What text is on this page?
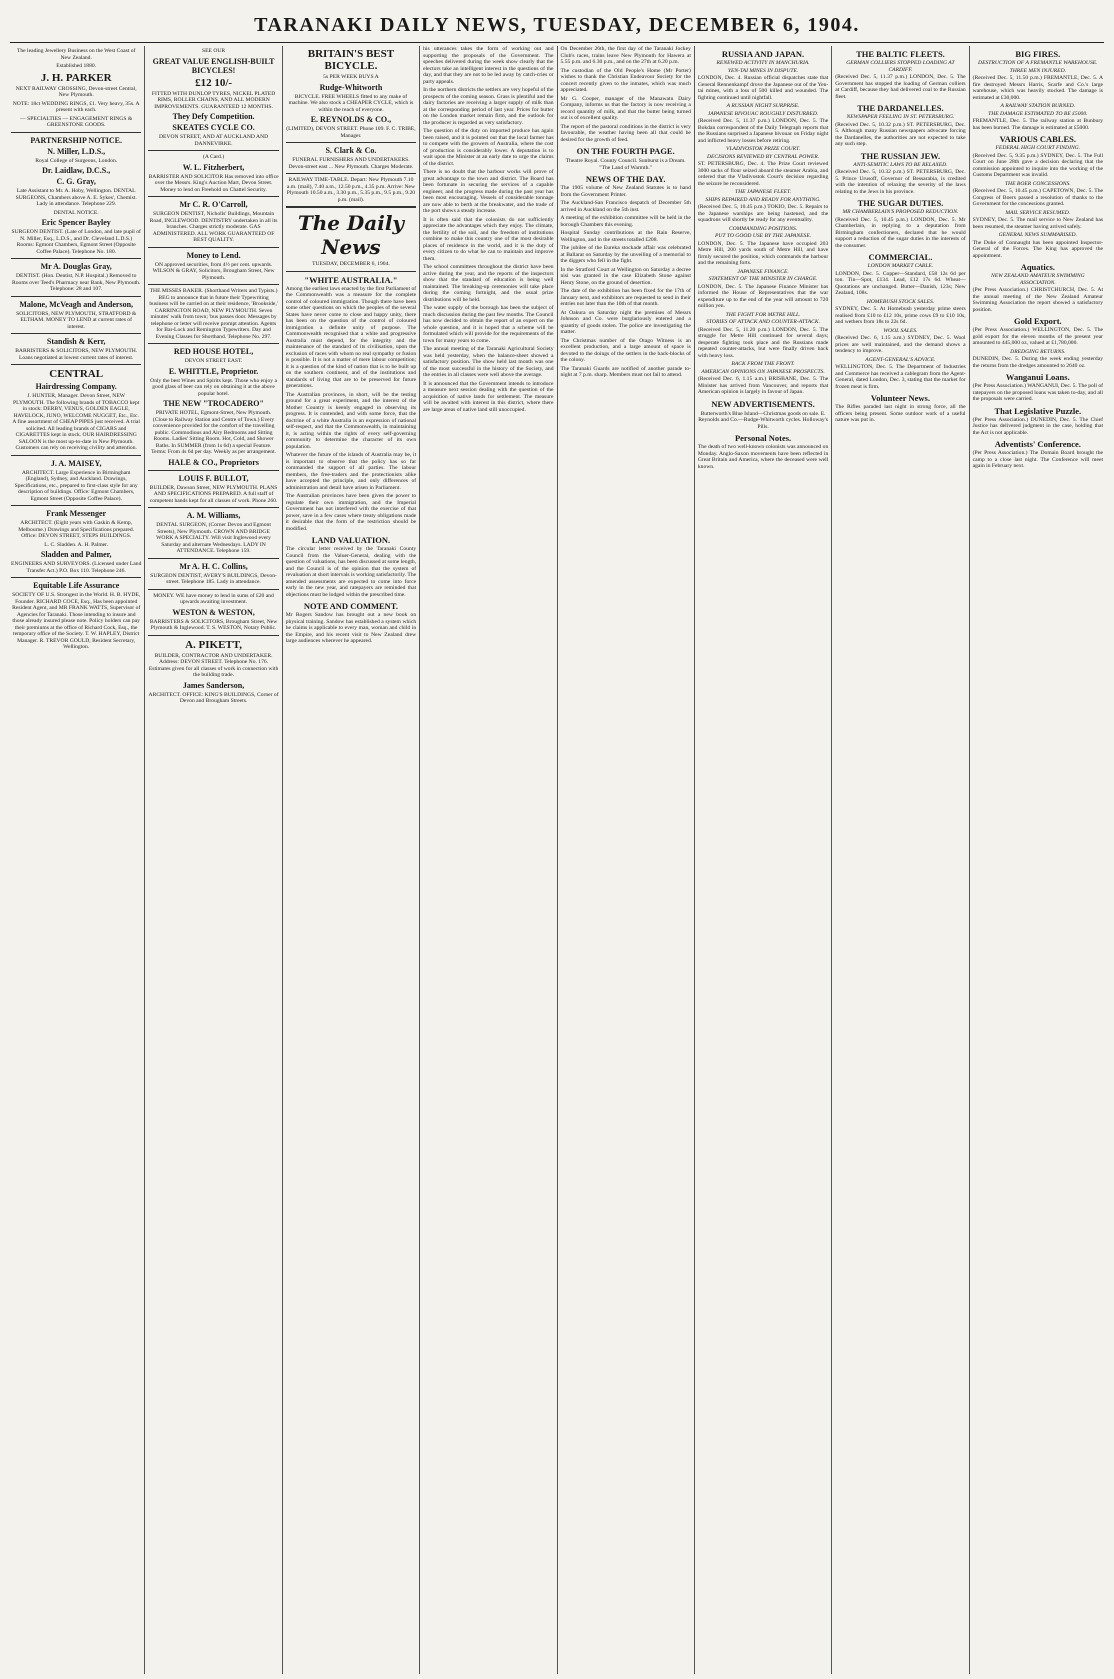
TARANAKI DAILY NEWS, TUESDAY, DECEMBER 6, 1904.
The leading Jewellery Business on the West Coast of New Zealand.
Established 1880.
J. H. PARKER
NEXT RAILWAY CROSSING, Devon-street Central, New Plymouth.
NOTE: 18ct WEDDING RINGS, £1. Very heavy, 35s. A present with each.
— SPECIALTIES — ENGAGEMENT RINGS & GREENSTONE GOODS.
PARTNERSHIP NOTICE.
N. Miller, L.D.S.,
Royal College of Surgeons, London.
Dr. Laidlaw, D.C.S.,
C. G. Gray,
Late Assistant to Mr. A. Hoby, Wellington. DENTAL SURGEONS, Chambers above A. E. Sykes', Chemist. Lady in attendance. Telephone 229.
DENTAL NOTICE.
Eric Spencer Bayley
SURGEON DENTIST. (Late of London, and late pupil of N. Miller, Esq., L.D.S., and Dr. Cleveland L.D.S.) Rooms: Egmont Chambers, Egmont Street (Opposite Coffee Palace). Telephone No. 180.
Mr A. Douglas Gray,
DENTIST. (Hon. Dentist, N.P. Hospital.) Removed to Rooms over Teed's Pharmacy near Bank, New Plymouth. Telephone: 28 and 107.
Malone, McVeagh and Anderson,
SOLICITORS, NEW PLYMOUTH, STRATFORD & ELTHAM. MONEY TO LEND at current rates of interest.
Standish & Kerr,
BARRISTERS & SOLICITORS, NEW PLYMOUTH. Loans negotiated at lowest current rates of interest.
CENTRAL
Hairdressing Company.
J. HUNTER, Manager. Devon Street, NEW PLYMOUTH. The following brands of TOBACCO kept in stock: DERBY, VENUS, GOLDEN EAGLE, HAVELOCK, JUNO, WELCOME NUGGET, Etc., Etc. A fine assortment of CHEAP PIPES just received. A trial solicited. All leading brands of CIGARS and CIGARETTES kept in stock. OUR HAIRDRESSING SALOON is the most up-to-date in New Plymouth. Customers can rely on receiving civility and attention.
J. A. MAISEY,
ARCHITECT. Large Experience in Birmingham (England), Sydney, and Auckland. Drawings, Specifications, etc., prepared to first-class style for any description of buildings. Office: Egmont Chambers, Egmont Street (Opposite Coffee Palace).
Frank Messenger
ARCHITECT. (Eight years with Gaskin & Kemp, Melbourne.) Drawings and Specifications prepared. Office: DEVON STREET, STEPS BUILDINGS.
L. C. Sladden. A. H. Palmer.
Sladden and Palmer,
ENGINEERS AND SURVEYORS. (Licensed under Land Transfer Act.) P.O. Box 110. Telephone 246.
Equitable Life Assurance
SOCIETY OF U.S. Strongest in the World. H. B. HYDE, Founder. RICHARD COCE, Esq., Has been appointed Resident Agent, and MR FRANK WATTS, Supervisor of Agencies for Taranaki. Those intending to insure and those already insured please note. Policy holders can pay their premiums at the office of Richard Cock, Esq., the temporary office of the Society. T. W. HAPLEY, District Manager. R. TREVOR GOULD, Resident Secretary, Wellington.
SEE OUR
GREAT VALUE ENGLISH-BUILT BICYCLES!
£12 10/-
FITTED WITH DUNLOP TYRES, NICKEL PLATED RIMS, ROLLER CHAINS, AND ALL MODERN IMPROVEMENTS. GUARANTEED 12 MONTHS.
They Defy Competition.
SKEATES CYCLE CO.
DEVON STREET, AND AT AUCKLAND AND DANNEVIRKE.
(A Card.)
W. L. Fitzherbert,
BARRISTER AND SOLICITOR Has removed into office over the Messrs. King's Auction Mart, Devon Street. Money to lend on Freehold on Chattel Security.
Mr C. R. O'Carroll,
SURGEON DENTIST, Nicholls' Buildings, Mountain Road, INGLEWOOD. DENTISTRY undertaken in all its branches. Charges strictly moderate. GAS ADMINISTERED. ALL WORK GUARANTEED OF BEST QUALITY.
Money to Lend.
ON approved securities, from 4½ per cent. upwards. WILSON & GRAY, Solicitors, Brougham Street, New Plymouth.
THE MISSES BAKER. (Shorthand Writers and Typists.) BEG to announce that in future their Typewriting business will be carried on at their residence, 'Brookside,' CARRINGTON ROAD, NEW PLYMOUTH. Seven minutes' walk from town; 'bus passes door. Messages by telephone or letter will receive prompt attention. Agents for Bar-Lock and Remington Typewriters. Day and Evening Classes for Shorthand. Telephone No. 297.
RED HOUSE HOTEL,
DEVON STREET EAST.
E. WHITTLE, Proprietor.
Only the best Wines and Spirits kept. Those who enjoy a good glass of beer can rely on obtaining it at the above popular hotel.
THE NEW "TROCADERO"
PRIVATE HOTEL, Egmont-Street, New Plymouth. (Close to Railway Station and Centre of Town.) Every convenience provided for the comfort of the travelling public. Commodious and Airy Bedrooms and Sitting Rooms. Ladies' Sitting Room. Hot, Cold, and Shower Baths. In SUMMER (from 1s 6d) a special Feature. Terms: From 4s 6d per day. Weekly as per arrangement.
HALE & CO., Proprietors
LOUIS F. BULLOT,
BUILDER, Dawson Street, NEW PLYMOUTH. PLANS AND SPECIFICATIONS PREPARED. A full staff of competent hands kept for all classes of work. Phone 260.
A. M. Williams,
DENTAL SURGEON, (Corner Devon and Egmont Streets), New Plymouth. CROWN AND BRIDGE WORK A SPECIALTY. Will visit Inglewood every Saturday and alternate Wednesdays. LADY IN ATTENDANCE. Telephone 159.
Mr A. H. C. Collins,
SURGEON DENTIST, AVERY'S BUILDINGS, Devon-street. Telephone 185. Lady in attendance.
MONEY. WE have money to lend in sums of £20 and upwards awaiting investment.
WESTON & WESTON,
BARRISTERS & SOLICITORS, Brougham Street, New Plymouth & Inglewood. T. S. WESTON, Notary Public.
A. PIKETT,
BUILDER, CONTRACTOR AND UNDERTAKER. Address: DEVON STREET. Telephone No. 176. Estimates given for all classes of work in connection with the building trade.
James Sanderson,
ARCHITECT. OFFICE: KING'S BUILDINGS, Corner of Devon and Brougham Streets.
BRITAIN'S BEST BICYCLE.
5s PER WEEK BUYS A
Rudge-Whitworth
BICYCLE. FREE WHEELS fitted to any make of machine. We also stock a CHEAPER CYCLE, which is within the reach of everyone.
E. REYNOLDS & CO.,
(LIMITED), DEVON STREET. Phone 109. F. C. TRIBE, Manager.
S. Clark & Co.
FUNERAL FURNISHERS AND UNDERTAKERS. Devon-street east ... New Plymouth. Charges Moderate.
RAILWAY TIME-TABLE. Depart: New Plymouth 7.10 a.m. (mail), 7.40 a.m., 12.50 p.m., 4.35 p.m. Arrive: New Plymouth 10.50 a.m., 3.30 p.m., 5.35 p.m., 9.5 p.m., 9.20 p.m. (mail).
The Daily News
TUESDAY, DECEMBER 6, 1904.
"WHITE AUSTRALIA."
Among the earliest laws enacted by the first Parliament of the Commonwealth was a measure for the complete control of coloured immigration. Though there have been some other questions on which the peoples of the several States have never come to close and happy unity, there has been on the question of the control of coloured immigration a definite unity of purpose. The Commonwealth recognised that a white and progressive Australia must depend, for the integrity and the maintenance of the standard of its civilisation, upon the exclusion of races with whom no real sympathy or fusion is possible. It is not a matter of mere labour competition; it is a question of the kind of nation that is to be built up on the southern continent, and of the institutions and standards of living that are to be preserved for future generations.
The Australian provinces, in short, will be the testing ground for a great experiment, and the interest of the Mother Country is keenly engaged in observing its progress. It is contended, and with some force, that the doctrine of a white Australia is an expression of national self-respect, and that the Commonwealth, in maintaining it, is acting within the rights of every self-governing community to determine the character of its own population.
Whatever the future of the islands of Australia may be, it is important to observe that the policy has so far commanded the support of all parties. The labour members, the free-traders and the protectionists alike have accepted the principle, and only differences of administration and detail have arisen in Parliament.
The Australian provinces have been given the power to regulate their own immigration, and the Imperial Government has not interfered with the exercise of that power, save in a few cases where treaty obligations made it desirable that the form of the restriction should be modified.
LAND VALUATION.
The circular letter received by the Taranaki County Council from the Valuer-General, dealing with the question of valuations, has been discussed at some length, and the Council is of the opinion that the system of revaluation at short intervals is working satisfactorily. The amended assessments are expected to come into force early in the new year, and ratepayers are reminded that objections must be lodged within the prescribed time.
NOTE AND COMMENT.
Mr Rogers Sandow has brought out a new book on physical training. Sandow has established a system which he claims is applicable to every man, woman and child in the Empire, and his recent visit to New Zealand drew large audiences wherever he appeared.
his utterances takes the form of working out and supporting the proposals of the Government. The speeches delivered during the week show clearly that the electors take an intelligent interest in the questions of the day, and that they are not to be led away by catch-cries or party appeals.
In the northern districts the settlers are very hopeful of the prospects of the coming season. Grass is plentiful and the dairy factories are receiving a larger supply of milk than at the corresponding period of last year. Prices for butter on the London market remain firm, and the outlook for the producer is regarded as very satisfactory.
The question of the duty on imported produce has again been raised, and it is pointed out that the local farmer has to compete with the growers of Australia, where the cost of production is considerably lower. A deputation is to wait upon the Minister at an early date to urge the claims of the district.
There is no doubt that the harbour works will prove of great advantage to the town and district. The Board has been fortunate in securing the services of a capable engineer, and the progress made during the past year has been most encouraging. Vessels of considerable tonnage are now able to berth at the breakwater, and the trade of the port shows a steady increase.
It is often said that the colonists do not sufficiently appreciate the advantages which they enjoy. The climate, the fertility of the soil, and the freedom of institutions combine to make this country one of the most desirable places of residence in the world, and it is the duty of every citizen to do what he can to maintain and improve them.
The school committees throughout the district have been active during the year, and the reports of the inspectors show that the standard of education is being well maintained. The breaking-up ceremonies will take place during the coming fortnight, and the usual prize distributions will be held.
The water supply of the borough has been the subject of much discussion during the past few months. The Council has now decided to obtain the report of an expert on the whole question, and it is hoped that a scheme will be formulated which will provide for the requirements of the town for many years to come.
The annual meeting of the Taranaki Agricultural Society was held yesterday, when the balance-sheet showed a satisfactory position. The show held last month was one of the most successful in the history of the Society, and the entries in all classes were well above the average.
It is announced that the Government intends to introduce a measure next session dealing with the question of the acquisition of native lands for settlement. The measure will be awaited with interest in this district, where there are large areas of native land still unoccupied.
On December 26th, the first day of the Taranaki Jockey Club's races, trains leave New Plymouth for Hawera at 5.55 p.m. and 6.30 p.m., and on the 27th at 6.20 p.m.
The custodian of the Old People's Home (Mr Porter) wishes to thank the Christian Endeavour Society for the concert recently given to the inmates, which was much appreciated.
Mr G. Cooper, manager of the Manawatu Dairy Company, informs us that the factory is now receiving a record quantity of milk, and that the butter being turned out is of excellent quality.
The report of the pastoral conditions in the district is very favourable, the weather having been all that could be desired for the growth of feed.
ON THE FOURTH PAGE.
Theatre Royal. County Council. Sunburst is a Dream. "The Land of Warmth."
NEWS OF THE DAY.
The 1905 volume of New Zealand Statutes is to hand from the Government Printer.
The Auckland-San Francisco despatch of December 5th arrived in Auckland on the 5th inst.
A meeting of the exhibition committee will be held in the borough Chambers this evening.
Hospital Sunday contributions at the Rain Reserve, Wellington, and in the streets totalled £208.
The jubilee of the Eureka stockade affair was celebrated at Ballarat on Saturday by the unveiling of a memorial to the diggers who fell in the fight.
In the Stratford Court at Wellington on Saturday a decree nisi was granted in the case Elizabeth Stone against Henry Stone, on the ground of desertion.
The date of the exhibition has been fixed for the 17th of January next, and exhibitors are requested to send in their entries not later than the 10th of that month.
At Oakura on Saturday night the premises of Messrs Johnson and Co. were burglariously entered and a quantity of goods stolen. The police are investigating the matter.
The Christmas number of the Otago Witness is an excellent production, and a large amount of space is devoted to the doings of the settlers in the back-blocks of the colony.
The Taranaki Guards are notified of another parade to-night at 7 p.m. sharp. Members must not fail to attend.
RUSSIA AND JAPAN.
RENEWED ACTIVITY IN MANCHURIA.
YEN-TAI MINES IN DISPUTE.
LONDON, Dec. 4. Russian official dispatches state that General Rennenkampf drove the Japanese out of the Yen-tai mines, with a loss of 500 killed and wounded. The fighting continued until nightfall.
A RUSSIAN NIGHT SURPRISE.
JAPANESE BIVOUAC ROUGHLY DISTURBED.
(Received Dec. 5, 11.37 p.m.) LONDON, Dec. 5. The Bokdan correspondent of the Daily Telegraph reports that the Russians surprised a Japanese bivouac on Friday night and inflicted heavy losses before retiring.
VLADIVOSTOK PRIZE COURT.
DECISIONS REVIEWED BY CENTRAL POWER.
ST. PETERSBURG, Dec. 4. The Prize Court reviewed 3000 sacks of flour seized aboard the steamer Arabia, and ordered that the Vladivostok Court's decision regarding the seizure be reconsidered.
THE JAPANESE FLEET.
SHIPS REPAIRED AND READY FOR ANYTHING.
(Received Dec. 5, 10.45 p.m.) TOKIO, Dec. 5. Repairs to the Japanese warships are being hastened, and the squadrons will shortly be ready for any eventuality.
COMMANDING POSITIONS.
PUT TO GOOD USE BY THE JAPANESE.
LONDON, Dec. 5. The Japanese have occupied 203 Metre Hill, 200 yards south of Metre Hill, and have firmly secured the position, which commands the harbour and the remaining forts.
JAPANESE FINANCE.
STATEMENT OF THE MINISTER IN CHARGE.
LONDON, Dec. 5. The Japanese Finance Minister has informed the House of Representatives that the war expenditure up to the end of the year will amount to 720 million yen.
THE FIGHT FOR METRE HILL.
STORIES OF ATTACK AND COUNTER-ATTACK.
(Received Dec. 5, 11.20 p.m.) LONDON, Dec. 5. The struggle for Metre Hill continued for several days; desperate fighting took place and the Russians made repeated counter-attacks, but were finally driven back with heavy loss.
BACK FROM THE FRONT.
AMERICAN OPINIONS ON JAPANESE PROSPECTS.
(Received Dec. 6, 1.15 a.m.) BRISBANE, Dec. 5. The Minister has arrived from Vancouver, and reports that American opinion is largely in favour of Japan.
NEW ADVERTISEMENTS.
Butterworth's Blue Island—Christmas goods on sale. E. Reynolds and Co.—Rudge-Whitworth cycles. Holloway's Pills.
Personal Notes.
The death of two well-known colonists was announced on Monday. Anglo-Saxon movements have been reflected in Great Britain and America, where the deceased were well known.
THE BALTIC FLEETS.
GERMAN COLLIERS STOPPED LOADING AT CARDIFF.
(Received Dec. 5, 11.37 p.m.) LONDON, Dec. 5. The Government has stopped the loading of German colliers at Cardiff, because they had delivered coal to the Russian fleet.
THE DARDANELLES.
NEWSPAPER FEELING IN ST. PETERSBURG.
(Received Dec. 5, 10.32 p.m.) ST. PETERSBURG, Dec. 5. Although many Russian newspapers advocate forcing the Dardanelles, the authorities are not expected to take any such step.
THE RUSSIAN JEW.
ANTI-SEMITIC LAWS TO BE RELAXED.
(Received Dec. 5, 10.32 p.m.) ST. PETERSBURG, Dec. 5. Prince Urusoff, Governor of Bessarabia, is credited with the intention of relaxing the severity of the laws relating to the Jews in his province.
THE SUGAR DUTIES.
MR CHAMBERLAIN'S PROPOSED REDUCTION.
(Received Dec. 5, 10.45 p.m.) LONDON, Dec. 5. Mr Chamberlain, in replying to a deputation from Birmingham confectioners, declared that he would support a reduction of the sugar duties in the interests of the consumer.
COMMERCIAL.
LONDON MARKET CABLE.
LONDON, Dec. 5. Copper—Standard, £58 12s 6d per ton. Tin—Spot, £134. Lead, £12 17s 6d. Wheat—Quotations are unchanged. Butter—Danish, 123s; New Zealand, 108s.
HOMEBUSH STOCK SALES.
SYDNEY, Dec. 5. At Homebush yesterday prime steers realised from £10 to £12 10s, prime cows £9 to £10 10s, and wethers from 18s to 22s 6d.
WOOL SALES.
(Received Dec. 6, 1.15 a.m.) SYDNEY, Dec. 5. Wool prices are well maintained, and the demand shows a tendency to improve.
AGENT-GENERAL'S ADVICE.
WELLINGTON, Dec. 5. The Department of Industries and Commerce has received a cablegram from the Agent-General, dated London, Dec. 3, stating that the market for frozen meat is firm.
Volunteer News.
The Rifles paraded last night in strong force, all the officers being present. Some outdoor work of a useful nature was put in.
BIG FIRES.
DESTRUCTION OF A FREMANTLE WAREHOUSE.
THREE MEN INJURED.
(Received Dec. 5, 11.50 p.m.) FREMANTLE, Dec. 5. A fire destroyed Messrs Harris, Scarfe and Co.'s large warehouse, which was heavily stocked. The damage is estimated at £30,000.
A RAILWAY STATION BURNED.
THE DAMAGE ESTIMATED TO BE £5000.
FREMANTLE, Dec. 5. The railway station at Bunbury has been burned. The damage is estimated at £5000.
VARIOUS CABLES.
FEDERAL HIGH COURT FINDING.
(Received Dec. 5, 9.35 p.m.) SYDNEY, Dec. 5. The Full Court on June 28th gave a decision declaring that the commission appointed to inquire into the working of the Customs Department was invalid.
THE BOER CONCESSIONS.
(Received Dec. 5, 10.45 p.m.) CAPETOWN, Dec. 5. The Congress of Boers passed a resolution of thanks to the Government for the concessions granted.
MAIL SERVICE RESUMED.
SYDNEY, Dec. 5. The mail service to New Zealand has been resumed, the steamer having arrived safely.
GENERAL NEWS SUMMARISED.
The Duke of Connaught has been appointed Inspector-General of the Forces. The King has approved the appointment.
Aquatics.
NEW ZEALAND AMATEUR SWIMMING ASSOCIATION.
(Per Press Association.) CHRISTCHURCH, Dec. 5. At the annual meeting of the New Zealand Amateur Swimming Association the report showed a satisfactory position.
Gold Export.
(Per Press Association.) WELLINGTON, Dec. 5. The gold export for the eleven months of the present year amounted to 445,000 oz, valued at £1,780,000.
DREDGING RETURNS.
DUNEDIN, Dec. 5. During the week ending yesterday the returns from the dredges amounted to 2640 oz.
Wanganui Loans.
(Per Press Association.) WANGANUI, Dec. 5. The poll of ratepayers on the proposed loans was taken to-day, and all the proposals were carried.
That Legislative Puzzle.
(Per Press Association.) DUNEDIN, Dec. 5. The Chief Justice has delivered judgment in the case, holding that the Act is not applicable.
Adventists' Conference.
(Per Press Association.) The Domain Board brought the camp to a close last night. The Conference will meet again in February next.
